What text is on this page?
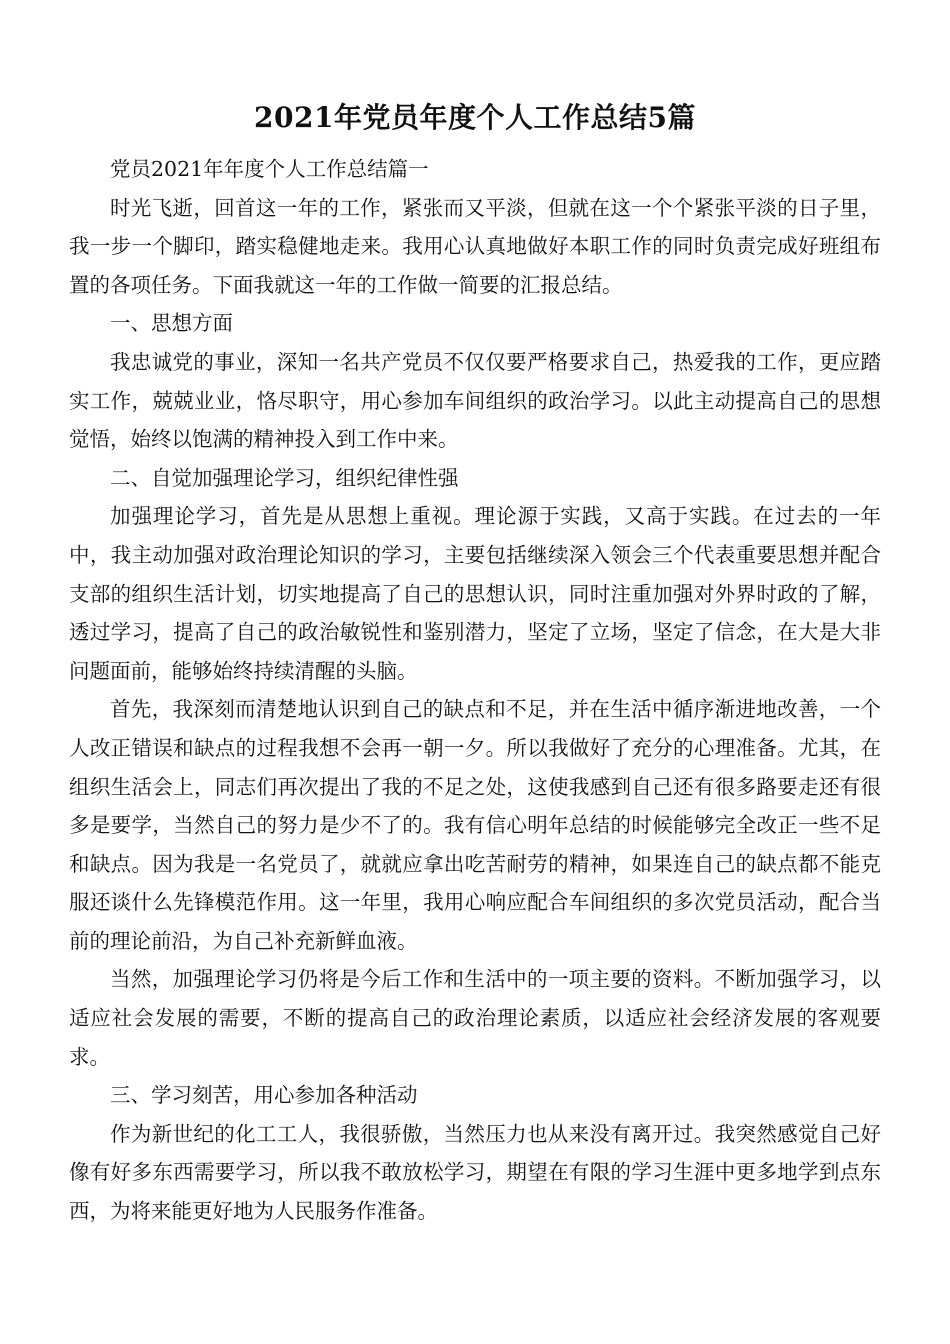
2021年党员年度个人工作总结5篇

党员2021年年度个人工作总结篇一

时光飞逝，回首这一年的工作，紧张而又平淡，但就在这一个个紧张平淡的日子里，我一步一个脚印，踏实稳健地走来。我用心认真地做好本职工作的同时负责完成好班组布置的各项任务。下面我就这一年的工作做一简要的汇报总结。

一、思想方面

我忠诚党的事业，深知一名共产党员不仅仅要严格要求自己，热爱我的工作，更应踏实工作，兢兢业业，恪尽职守，用心参加车间组织的政治学习。以此主动提高自己的思想觉悟，始终以饱满的精神投入到工作中来。

二、自觉加强理论学习，组织纪律性强

加强理论学习，首先是从思想上重视。理论源于实践，又高于实践。在过去的一年中，我主动加强对政治理论知识的学习，主要包括继续深入领会三个代表重要思想并配合支部的组织生活计划，切实地提高了自己的思想认识，同时注重加强对外界时政的了解，透过学习，提高了自己的政治敏锐性和鉴别潜力，坚定了立场，坚定了信念，在大是大非问题面前，能够始终持续清醒的头脑。

首先，我深刻而清楚地认识到自己的缺点和不足，并在生活中循序渐进地改善，一个人改正错误和缺点的过程我想不会再一朝一夕。所以我做好了充分的心理准备。尤其，在组织生活会上，同志们再次提出了我的不足之处，这使我感到自己还有很多路要走还有很多是要学，当然自己的努力是少不了的。我有信心明年总结的时候能够完全改正一些不足和缺点。因为我是一名党员了，就就应拿出吃苦耐劳的精神，如果连自己的缺点都不能克服还谈什么先锋模范作用。这一年里，我用心响应配合车间组织的多次党员活动，配合当前的理论前沿，为自己补充新鲜血液。

当然，加强理论学习仍将是今后工作和生活中的一项主要的资料。不断加强学习，以适应社会发展的需要，不断的提高自己的政治理论素质，以适应社会经济发展的客观要求。

三、学习刻苦，用心参加各种活动

作为新世纪的化工工人，我很骄傲，当然压力也从来没有离开过。我突然感觉自己好像有好多东西需要学习，所以我不敢放松学习，期望在有限的学习生涯中更多地学到点东西，为将来能更好地为人民服务作准备。
